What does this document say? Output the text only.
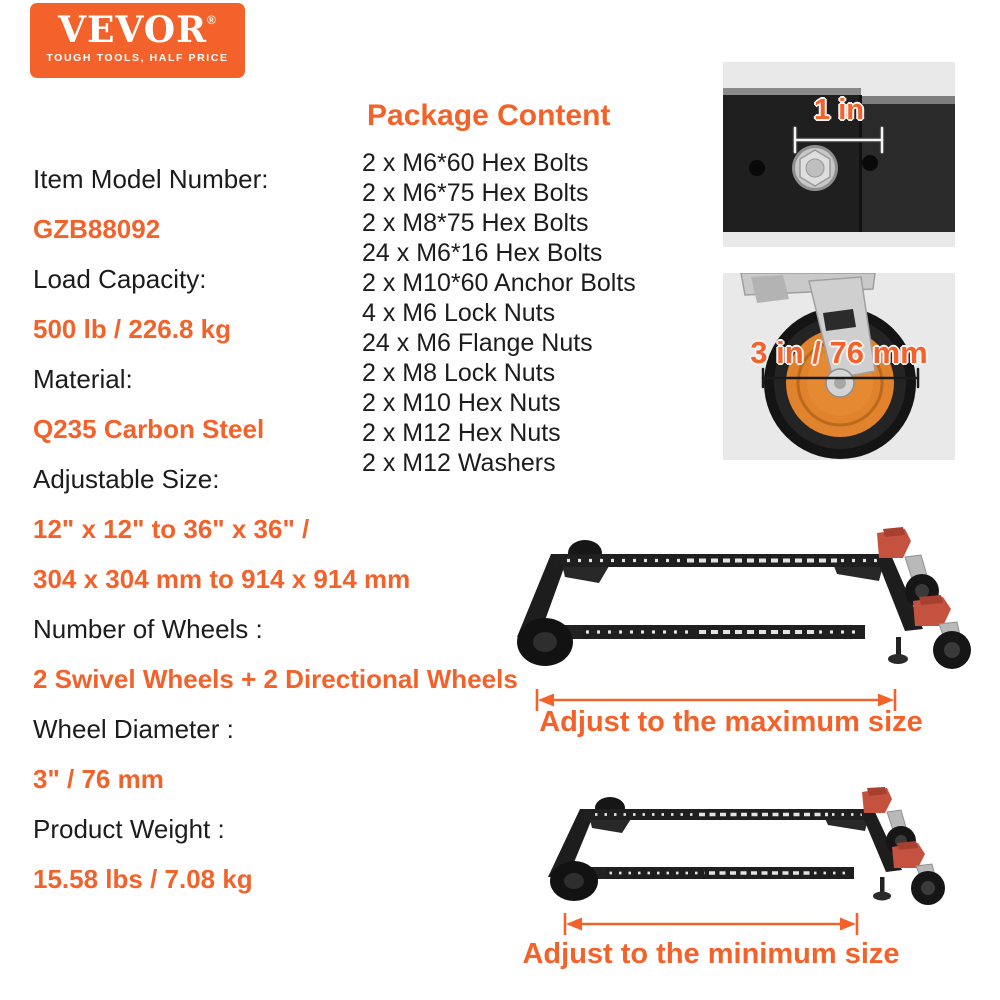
VEVOR®
TOUGH TOOLS, HALF PRICE
Item Model Number:
GZB88092
Load Capacity:
500 lb / 226.8 kg
Material:
Q235 Carbon Steel
Adjustable Size:
12" x 12" to 36" x 36" /
304 x 304 mm to 914 x 914 mm
Number of Wheels :
2 Swivel Wheels + 2 Directional Wheels
Wheel Diameter :
3" / 76 mm
Product Weight :
15.58 lbs / 7.08 kg
Package Content
2 x M6*60 Hex Bolts
2 x M6*75 Hex Bolts
2 x M8*75 Hex Bolts
24 x M6*16 Hex Bolts
2 x M10*60 Anchor Bolts
4 x M6 Lock Nuts
24 x M6 Flange Nuts
2 x M8 Lock Nuts
2 x M10 Hex Nuts
2 x M12 Hex Nuts
2 x M12 Washers
1 in
3 in / 76 mm
Adjust to the maximum size
Adjust to the minimum size
